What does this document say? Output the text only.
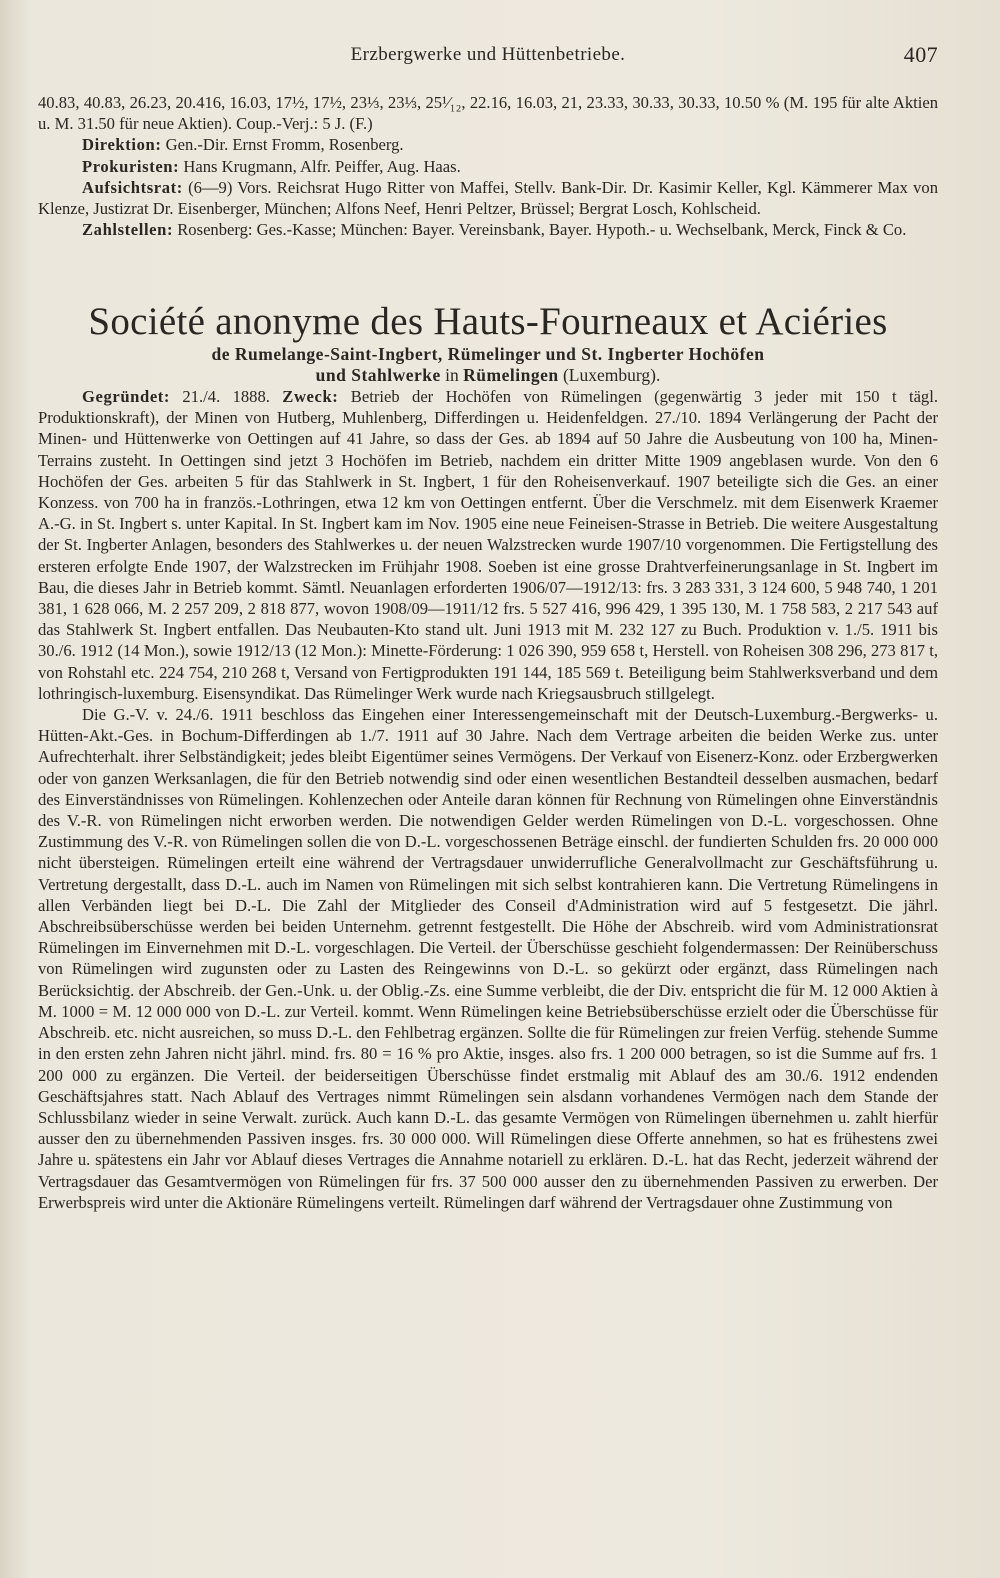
Erzbergwerke und Hüttenbetriebe.	407
40.83, 40.83, 26.23, 20.416, 16.03, 17½, 17½, 23⅓, 23⅓, 25¹⁄₁₂, 22.16, 16.03, 21, 23.33, 30.33, 30.33, 10.50 % (M. 195 für alte Aktien u. M. 31.50 für neue Aktien). Coup.-Verj.: 5 J. (F.)
Direktion: Gen.-Dir. Ernst Fromm, Rosenberg.
Prokuristen: Hans Krugmann, Alfr. Peiffer, Aug. Haas.
Aufsichtsrat: (6—9) Vors. Reichsrat Hugo Ritter von Maffei, Stellv. Bank-Dir. Dr. Kasimir Keller, Kgl. Kämmerer Max von Klenze, Justizrat Dr. Eisenberger, München; Alfons Neef, Henri Peltzer, Brüssel; Bergrat Losch, Kohlscheid.
Zahlstellen: Rosenberg: Ges.-Kasse; München: Bayer. Vereinsbank, Bayer. Hypoth.- u. Wechselbank, Merck, Finck & Co.
Société anonyme des Hauts-Fourneaux et Aciéries
de Rumelange-Saint-Ingbert, Rümelinger und St. Ingberter Hochöfen
und Stahlwerke in Rümelingen (Luxemburg).
Gegründet: 21./4. 1888. Zweck: Betrieb der Hochöfen von Rümelingen (gegenwärtig 3 jeder mit 150 t tägl. Produktionskraft), der Minen von Hutberg, Muhlenberg, Differdingen u. Heidenfeldgen. 27./10. 1894 Verlängerung der Pacht der Minen- und Hüttenwerke von Oettingen auf 41 Jahre, so dass der Ges. ab 1894 auf 50 Jahre die Ausbeutung von 100 ha, Minen-Terrains zusteht. In Oettingen sind jetzt 3 Hochöfen im Betrieb, nachdem ein dritter Mitte 1909 angeblasen wurde. Von den 6 Hochöfen der Ges. arbeiten 5 für das Stahlwerk in St. Ingbert, 1 für den Roheisenverkauf. 1907 beteiligte sich die Ges. an einer Konzess. von 700 ha in französ.-Lothringen, etwa 12 km von Oettingen entfernt. Über die Verschmelz. mit dem Eisenwerk Kraemer A.-G. in St. Ingbert s. unter Kapital. In St. Ingbert kam im Nov. 1905 eine neue Feineisen-Strasse in Betrieb. Die weitere Ausgestaltung der St. Ingberter Anlagen, besonders des Stahlwerkes u. der neuen Walzstrecken wurde 1907/10 vorgenommen. Die Fertigstellung des ersteren erfolgte Ende 1907, der Walzstrecken im Frühjahr 1908. Soeben ist eine grosse Drahtverfeinerungsanlage in St. Ingbert im Bau, die dieses Jahr in Betrieb kommt. Sämtl. Neuanlagen erforderten 1906/07—1912/13: frs. 3 283 331, 3 124 600, 5 948 740, 1 201 381, 1 628 066, M. 2 257 209, 2 818 877, wovon 1908/09—1911/12 frs. 5 527 416, 996 429, 1 395 130, M. 1 758 583, 2 217 543 auf das Stahlwerk St. Ingbert entfallen. Das Neubauten-Kto stand ult. Juni 1913 mit M. 232 127 zu Buch. Produktion v. 1./5. 1911 bis 30./6. 1912 (14 Mon.), sowie 1912/13 (12 Mon.): Minette-Förderung: 1 026 390, 959 658 t, Herstell. von Roheisen 308 296, 273 817 t, von Rohstahl etc. 224 754, 210 268 t, Versand von Fertigprodukten 191 144, 185 569 t. Beteiligung beim Stahlwerksverband und dem lothringisch-luxemburg. Eisensyndikat. Das Rümelinger Werk wurde nach Kriegsausbruch stillgelegt.
Die G.-V. v. 24./6. 1911 beschloss das Eingehen einer Interessengemeinschaft mit der Deutsch-Luxemburg.-Bergwerks- u. Hütten-Akt.-Ges. in Bochum-Differdingen ab 1./7. 1911 auf 30 Jahre. Nach dem Vertrage arbeiten die beiden Werke zus. unter Aufrechterhalt. ihrer Selbständigkeit; jedes bleibt Eigentümer seines Vermögens. Der Verkauf von Eisenerz-Konz. oder Erzbergwerken oder von ganzen Werksanlagen, die für den Betrieb notwendig sind oder einen wesentlichen Bestandteil desselben ausmachen, bedarf des Einverständnisses von Rümelingen. Kohlenzechen oder Anteile daran können für Rechnung von Rümelingen ohne Einverständnis des V.-R. von Rümelingen nicht erworben werden. Die notwendigen Gelder werden Rümelingen von D.-L. vorgeschossen. Ohne Zustimmung des V.-R. von Rümelingen sollen die von D.-L. vorgeschossenen Beträge einschl. der fundierten Schulden frs. 20 000 000 nicht übersteigen. Rümelingen erteilt eine während der Vertragsdauer unwiderrufliche Generalvollmacht zur Geschäftsführung u. Vertretung dergestallt, dass D.-L. auch im Namen von Rümelingen mit sich selbst kontrahieren kann. Die Vertretung Rümelingens in allen Verbänden liegt bei D.-L. Die Zahl der Mitglieder des Conseil d'Administration wird auf 5 festgesetzt. Die jährl. Abschreibsüberschüsse werden bei beiden Unternehm. getrennt festgestellt. Die Höhe der Abschreib. wird vom Administrationsrat Rümelingen im Einvernehmen mit D.-L. vorgeschlagen. Die Verteil. der Überschüsse geschieht folgendermassen: Der Reinüberschuss von Rümelingen wird zugunsten oder zu Lasten des Reingewinns von D.-L. so gekürzt oder ergänzt, dass Rümelingen nach Berücksichtig. der Abschreib. der Gen.-Unk. u. der Oblig.-Zs. eine Summe verbleibt, die der Div. entspricht die für M. 12 000 Aktien à M. 1000 = M. 12 000 000 von D.-L. zur Verteil. kommt. Wenn Rümelingen keine Betriebsüberschüsse erzielt oder die Überschüsse für Abschreib. etc. nicht ausreichen, so muss D.-L. den Fehlbetrag ergänzen. Sollte die für Rümelingen zur freien Verfüg. stehende Summe in den ersten zehn Jahren nicht jährl. mind. frs. 80 = 16 % pro Aktie, insges. also frs. 1 200 000 betragen, so ist die Summe auf frs. 1 200 000 zu ergänzen. Die Verteil. der beiderseitigen Überschüsse findet erstmalig mit Ablauf des am 30./6. 1912 endenden Geschäftsjahres statt. Nach Ablauf des Vertrages nimmt Rümelingen sein alsdann vorhandenes Vermögen nach dem Stande der Schlussbilanz wieder in seine Verwalt. zurück. Auch kann D.-L. das gesamte Vermögen von Rümelingen übernehmen u. zahlt hierfür ausser den zu übernehmenden Passiven insges. frs. 30 000 000. Will Rümelingen diese Offerte annehmen, so hat es frühestens zwei Jahre u. spätestens ein Jahr vor Ablauf dieses Vertrages die Annahme notariell zu erklären. D.-L. hat das Recht, jederzeit während der Vertragsdauer das Gesamtvermögen von Rümelingen für frs. 37 500 000 ausser den zu übernehmenden Passiven zu erwerben. Der Erwerbspreis wird unter die Aktionäre Rümelingens verteilt. Rümelingen darf während der Vertragsdauer ohne Zustimmung von
